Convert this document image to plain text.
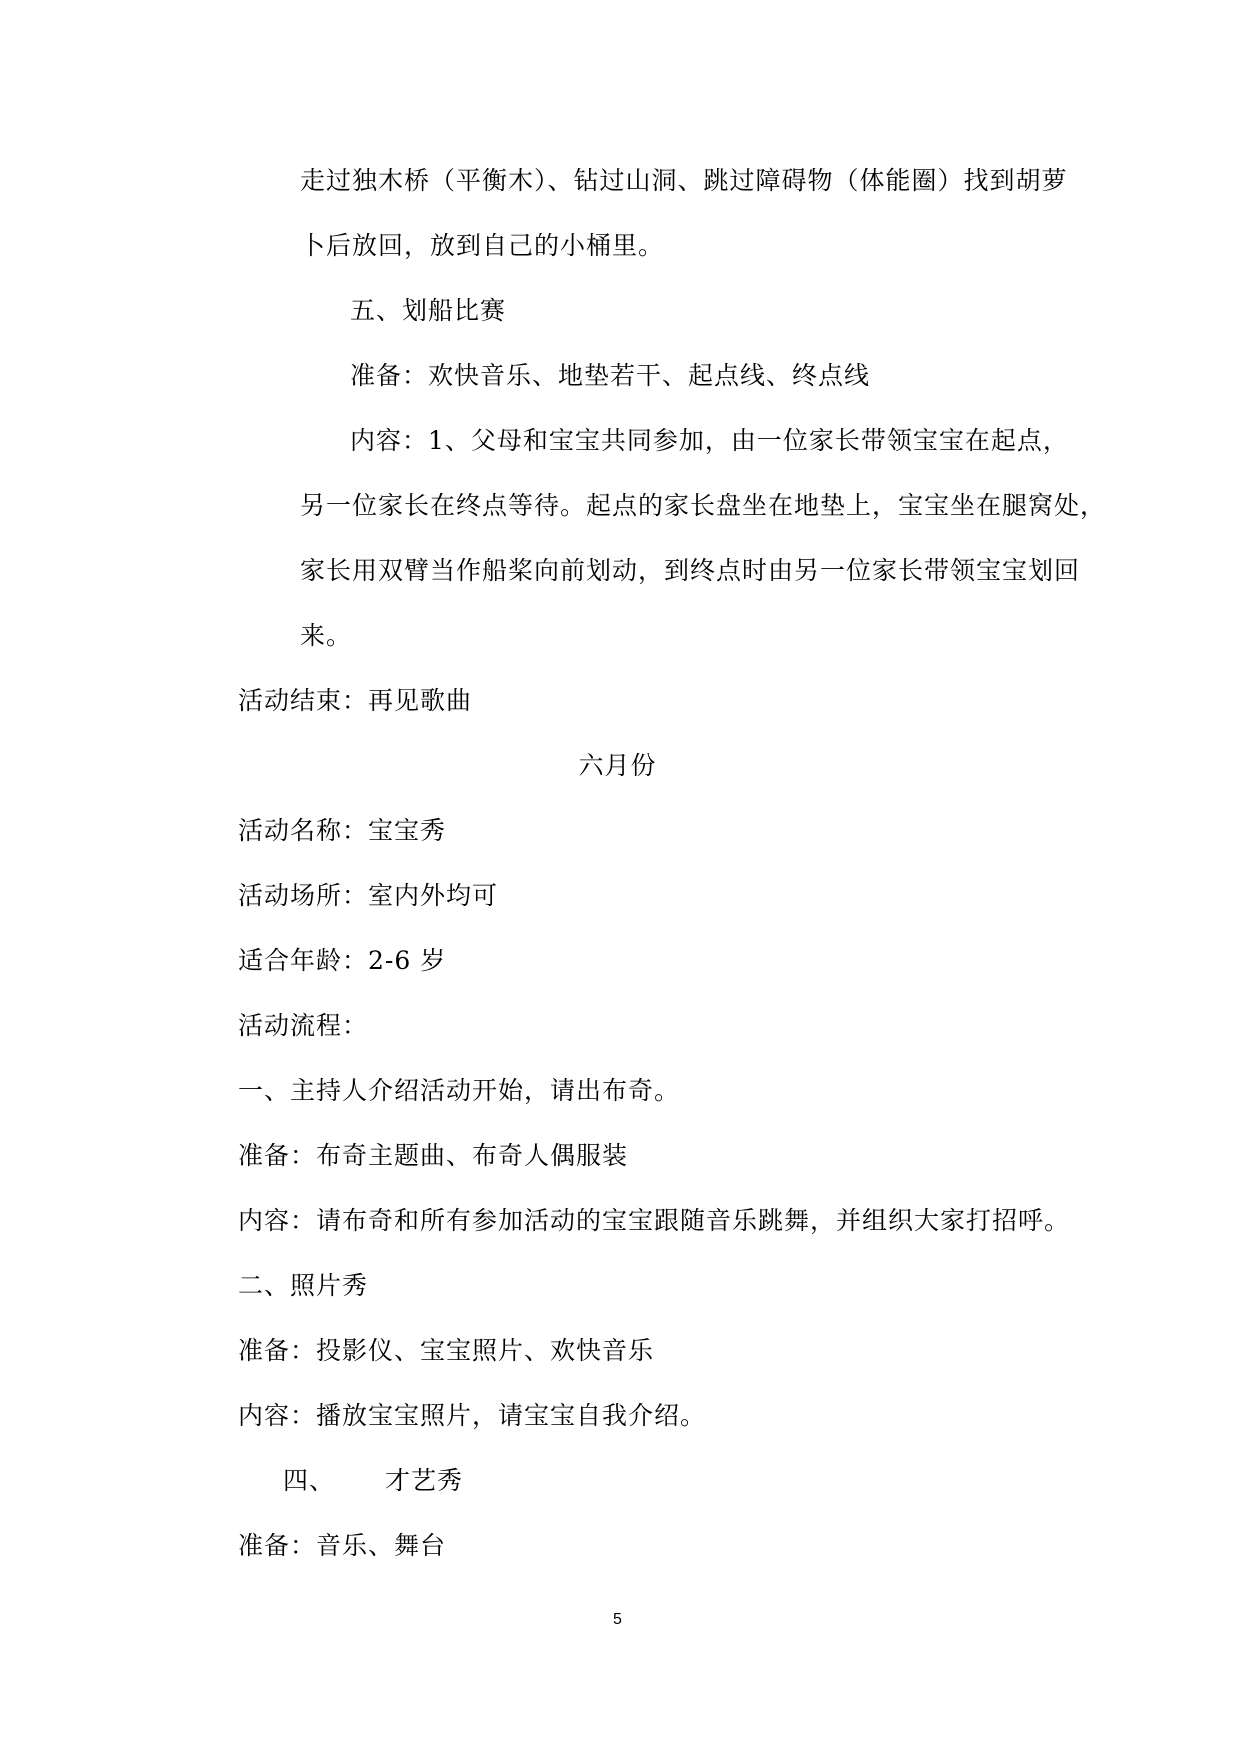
走过独木桥（平衡木）、钻过山洞、跳过障碍物（体能圈）找到胡萝
卜后放回，放到自己的小桶里。
五、划船比赛
准备：欢快音乐、地垫若干、起点线、终点线
内容：1、父母和宝宝共同参加，由一位家长带领宝宝在起点，
另一位家长在终点等待。起点的家长盘坐在地垫上，宝宝坐在腿窝处，
家长用双臂当作船桨向前划动，到终点时由另一位家长带领宝宝划回
来。
活动结束：再见歌曲
六月份
活动名称：宝宝秀
活动场所：室内外均可
适合年龄：2-6 岁
活动流程：
一、主持人介绍活动开始，请出布奇。
准备：布奇主题曲、布奇人偶服装
内容：请布奇和所有参加活动的宝宝跟随音乐跳舞，并组织大家打招呼。
二、照片秀
准备：投影仪、宝宝照片、欢快音乐
内容：播放宝宝照片，请宝宝自我介绍。
四、 才艺秀
准备：音乐、舞台
5
